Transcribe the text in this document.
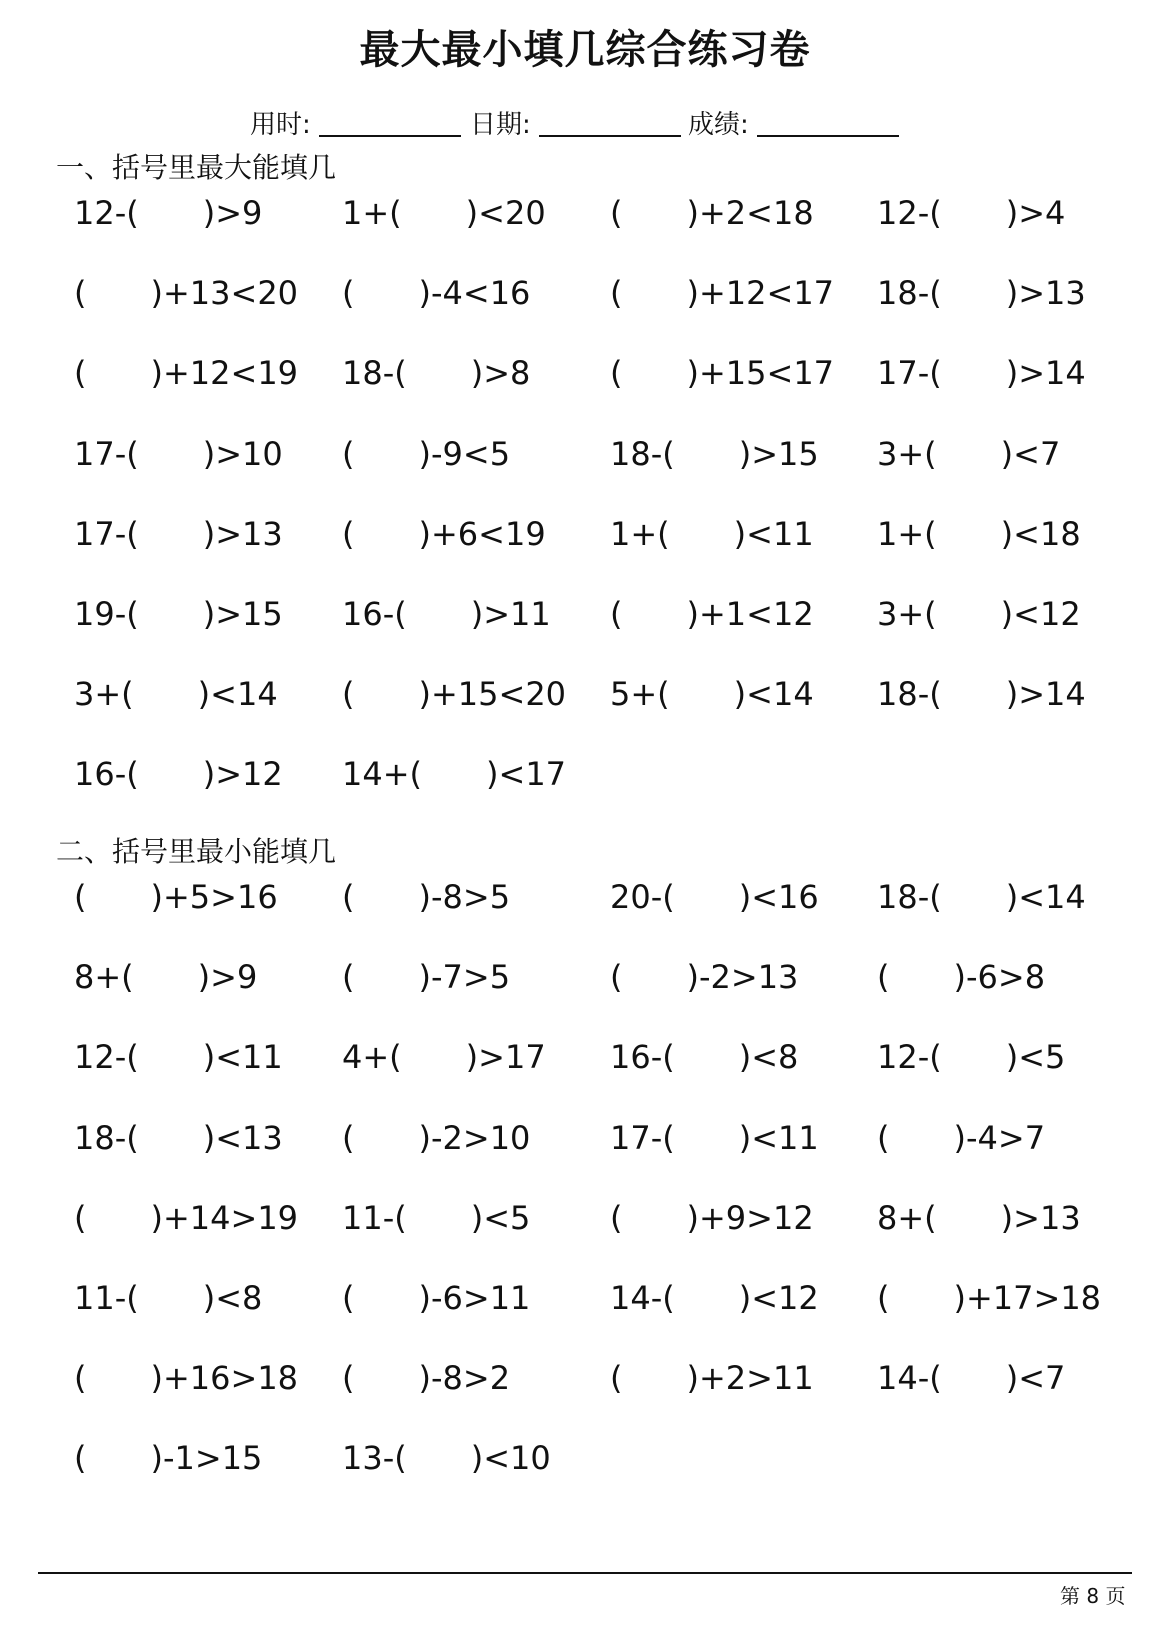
最大最小填几综合练习卷
用时:	日期:	成绩:
一、括号里最大能填几
12-(　　)>9 1+(　　)<20 (　　)+2<18 12-(　　)>4
(　　)+13<20 (　　)-4<16 (　　)+12<17 18-(　　)>13
(　　)+12<19 18-(　　)>8 (　　)+15<17 17-(　　)>14
17-(　　)>10 (　　)-9<5	18-(　　)>15 3+(　　)<7
17-(　　)>13 (　　)+6<19 1+(　　)<11 1+(　　)<18
19-(　　)>15 16-(　　)>11 (　　)+1<12 3+(　　)<12
3+(　　)<14 (　　)+15<20 5+(　　)<14 18-(　　)>14
16-(　　)>12 14+(　　)<17
二、括号里最小能填几
(　　)+5>16 (　　)-8>5	20-(　　)<16 18-(　　)<14
8+(　　)>9	(　　)-7>5	(　　)-2>13 (　　)-6>8
12-(　　)<11 4+(　　)>17 16-(　　)<8 12-(　　)<5
18-(　　)<13 (　　)-2>10 17-(　　)<11 (　　)-4>7
(　　)+14>19 11-(　　)<5 (　　)+9>12 8+(　　)>13
11-(　　)<8 (　　)-6>11 14-(　　)<12 (　　)+17>18
(　　)+16>18 (　　)-8>2	(　　)+2>11 14-(　　)<7
(　　)-1>15 13-(　　)<10
第 8 页
